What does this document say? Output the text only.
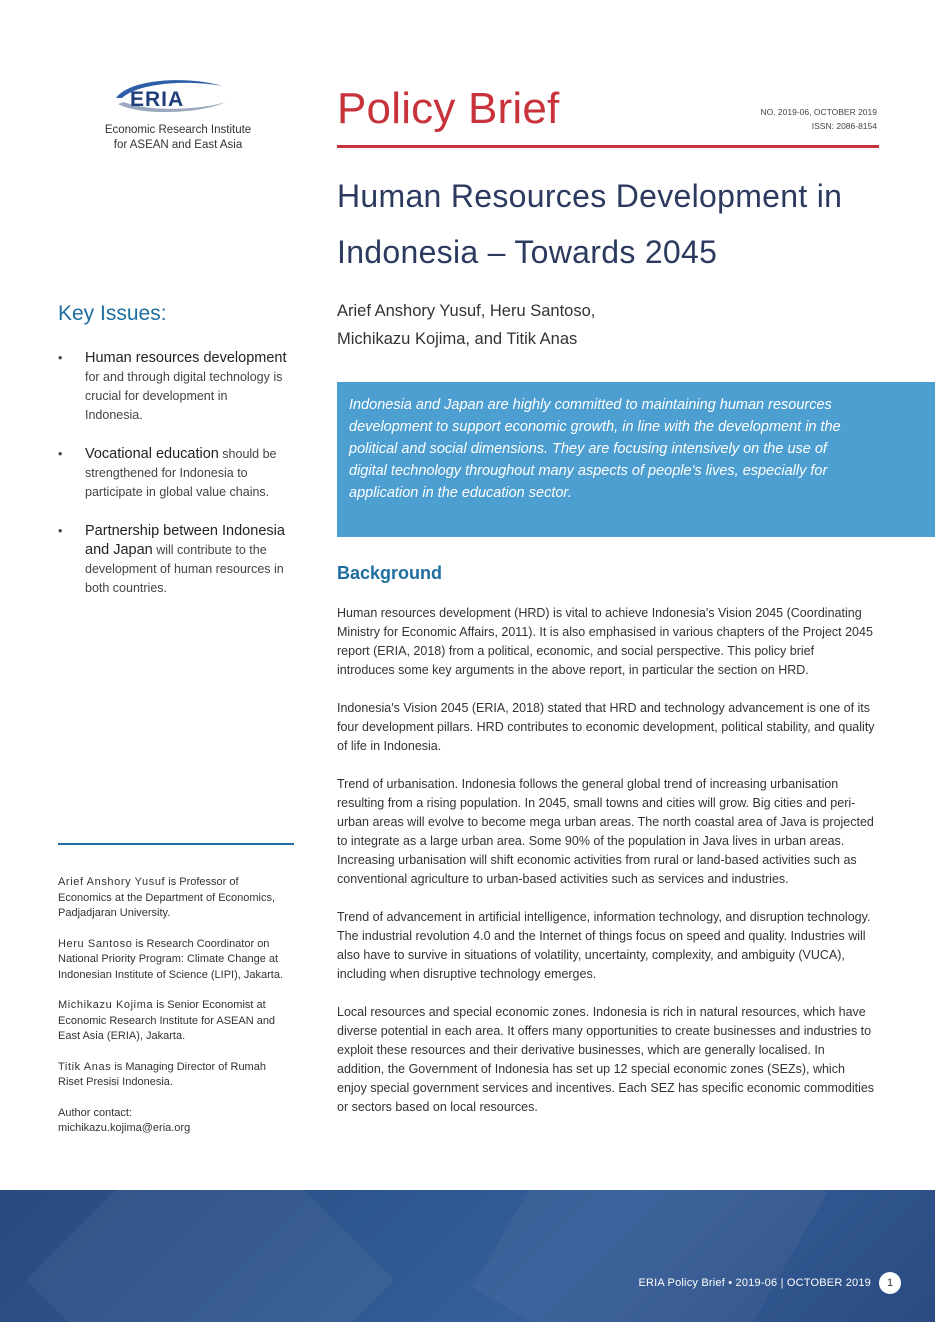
ERIA
Economic Research Institute
for ASEAN and East Asia
Policy Brief	NO. 2019-06, OCTOBER 2019
ISSN: 2086-8154
Human Resources Development in
Indonesia – Towards 2045
Arief Anshory Yusuf, Heru Santoso,
Michikazu Kojima, and Titik Anas

Indonesia and Japan are highly committed to maintaining human resources development to support economic growth, in line with the development in the political and social dimensions. They are focusing intensively on the use of digital technology throughout many aspects of people's lives, especially for application in the education sector.

Background

Human resources development (HRD) is vital to achieve Indonesia's Vision 2045 (Coordinating Ministry for Economic Affairs, 2011). It is also emphasised in various chapters of the Project 2045 report (ERIA, 2018) from a political, economic, and social perspective. This policy brief introduces some key arguments in the above report, in particular the section on HRD.

Indonesia's Vision 2045 (ERIA, 2018) stated that HRD and technology advancement is one of its four development pillars. HRD contributes to economic development, political stability, and quality of life in Indonesia.

Trend of urbanisation. Indonesia follows the general global trend of increasing urbanisation resulting from a rising population. In 2045, small towns and cities will grow. Big cities and peri-urban areas will evolve to become mega urban areas. The north coastal area of Java is projected to integrate as a large urban area. Some 90% of the population in Java lives in urban areas. Increasing urbanisation will shift economic activities from rural or land-based activities such as conventional agriculture to urban-based activities such as services and industries.

Trend of advancement in artificial intelligence, information technology, and disruption technology. The industrial revolution 4.0 and the Internet of things focus on speed and quality. Industries will also have to survive in situations of volatility, uncertainty, complexity, and ambiguity (VUCA), including when disruptive technology emerges.

Local resources and special economic zones. Indonesia is rich in natural resources, which have diverse potential in each area. It offers many opportunities to create businesses and industries to exploit these resources and their derivative businesses, which are generally localised. In addition, the Government of Indonesia has set up 12 special economic zones (SEZs), which enjoy special government services and incentives. Each SEZ has specific economic commodities or sectors based on local resources.

Key Issues:
• Human resources development for and through digital technology is crucial for development in Indonesia.
• Vocational education should be strengthened for Indonesia to participate in global value chains.
• Partnership between Indonesia and Japan will contribute to the development of human resources in both countries.

Arief Anshory Yusuf is Professor of Economics at the Department of Economics, Padjadjaran University.

Heru Santoso is Research Coordinator on National Priority Program: Climate Change at Indonesian Institute of Science (LIPI), Jakarta.

Michikazu Kojima is Senior Economist at Economic Research Institute for ASEAN and East Asia (ERIA), Jakarta.

Titik Anas is Managing Director of Rumah Riset Presisi Indonesia.

Author contact:
michikazu.kojima@eria.org

ERIA Policy Brief • 2019-06 | OCTOBER 2019	1
